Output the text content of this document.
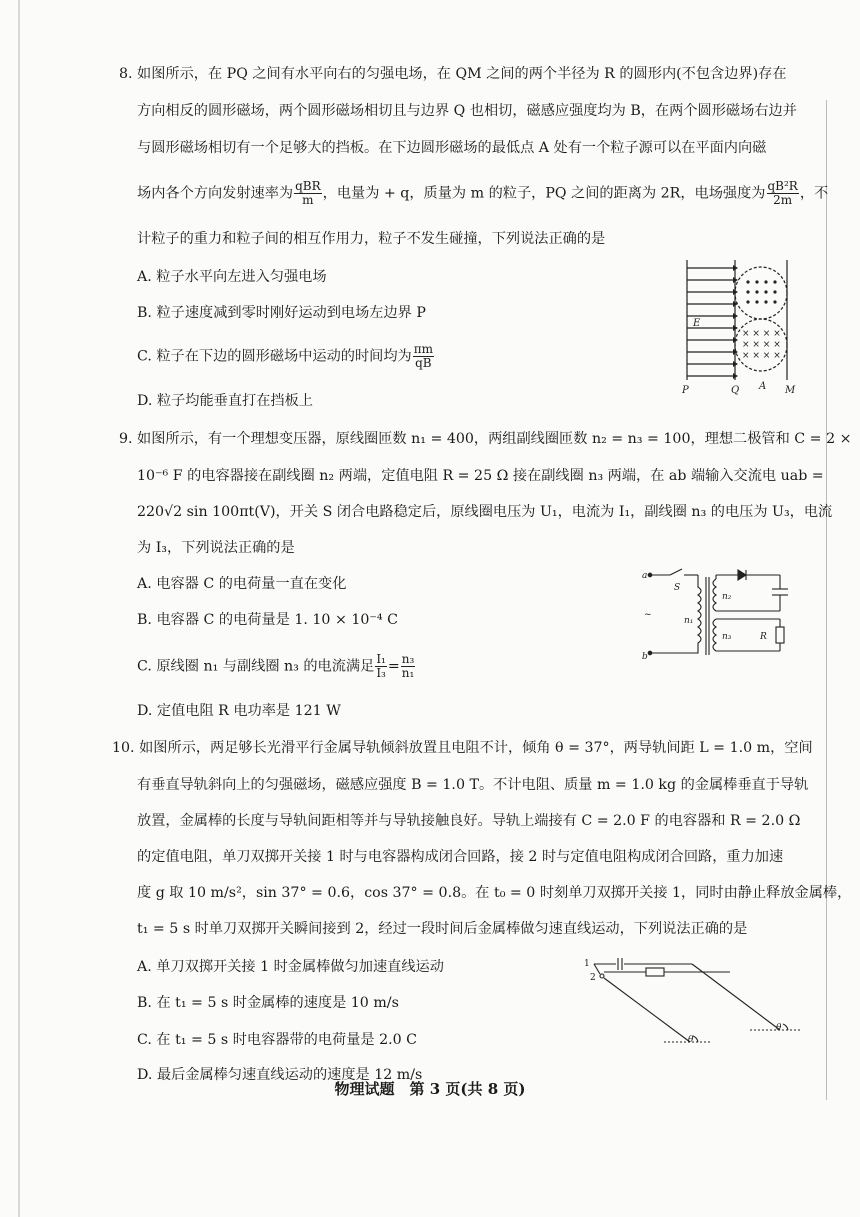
8. 如图所示，在 PQ 之间有水平向右的匀强电场，在 QM 之间的两个半径为 R 的圆形内(不包含边界)存在
方向相反的圆形磁场，两个圆形磁场相切且与边界 Q 也相切，磁感应强度均为 B，在两个圆形磁场右边并
与圆形磁场相切有一个足够大的挡板。在下边圆形磁场的最低点 A 处有一个粒子源可以在平面内向磁
场内各个方向发射速率为 $\frac{\text{qBR}}{m}$ ，电量为 + q，质量为 m 的粒子，PQ 之间的距离为 2R，电场强度为 $\frac{\text{qB²R}}{2m}$ ，不
计粒子的重力和粒子间的相互作用力，粒子不发生碰撞，下列说法正确的是
A. 粒子水平向左进入匀强电场
B. 粒子速度减到零时刚好运动到电场左边界 P
C. 粒子在下边的圆形磁场中运动的时间均为 $\frac{\pi m}{qB}$
D. 粒子均能垂直打在挡板上
× × × ×
× × × ×
× × × ×
E
P	Q A M
9. 如图所示，有一个理想变压器，原线圈匝数 n₁ = 400，两组副线圈匝数 n₂ = n₃ = 100，理想二极管和 C = 2 ×
10⁻⁶ F 的电容器接在副线圈 n₂ 两端，定值电阻 R = 25 Ω 接在副线圈 n₃ 两端，在 ab 端输入交流电 uab =
220√2 sin 100πt(V)，开关 S 闭合电路稳定后，原线圈电压为 U₁，电流为 I₁，副线圈 n₃ 的电压为 U₃，电流
为 I₃，下列说法正确的是
A. 电容器 C 的电荷量一直在变化
B. 电容器 C 的电荷量是 1. 10 × 10⁻⁴ C
C. 原线圈 n₁ 与副线圈 n₃ 的电流满足 $\frac{\text{I₁}}{\text{I₃}} = \frac{\text{n₃}}{\text{n₁}}$
D. 定值电阻 R 电功率是 121 W
a
b
S
~
n₁
n₂
n₃	R
10. 如图所示，两足够长光滑平行金属导轨倾斜放置且电阻不计，倾角 θ = 37°，两导轨间距 L = 1.0 m，空间
有垂直导轨斜向上的匀强磁场，磁感应强度 B = 1.0 T。不计电阻、质量 m = 1.0 kg 的金属棒垂直于导轨
放置，金属棒的长度与导轨间距相等并与导轨接触良好。导轨上端接有 C = 2.0 F 的电容器和 R = 2.0 Ω
的定值电阻，单刀双掷开关接 1 时与电容器构成闭合回路，接 2 时与定值电阻构成闭合回路，重力加速
度 g 取 10 m/s²，sin 37° = 0.6，cos 37° = 0.8。在 t₀ = 0 时刻单刀双掷开关接 1，同时由静止释放金属棒，
t₁ = 5 s 时单刀双掷开关瞬间接到 2，经过一段时间后金属棒做匀速直线运动，下列说法正确的是
A. 单刀双掷开关接 1 时金属棒做匀加速直线运动
B. 在 t₁ = 5 s 时金属棒的速度是 10 m/s
C. 在 t₁ = 5 s 时电容器带的电荷量是 2.0 C
D. 最后金属棒匀速直线运动的速度是 12 m/s
1
2
θ
θ
物理试题　第 3 页(共 8 页)
